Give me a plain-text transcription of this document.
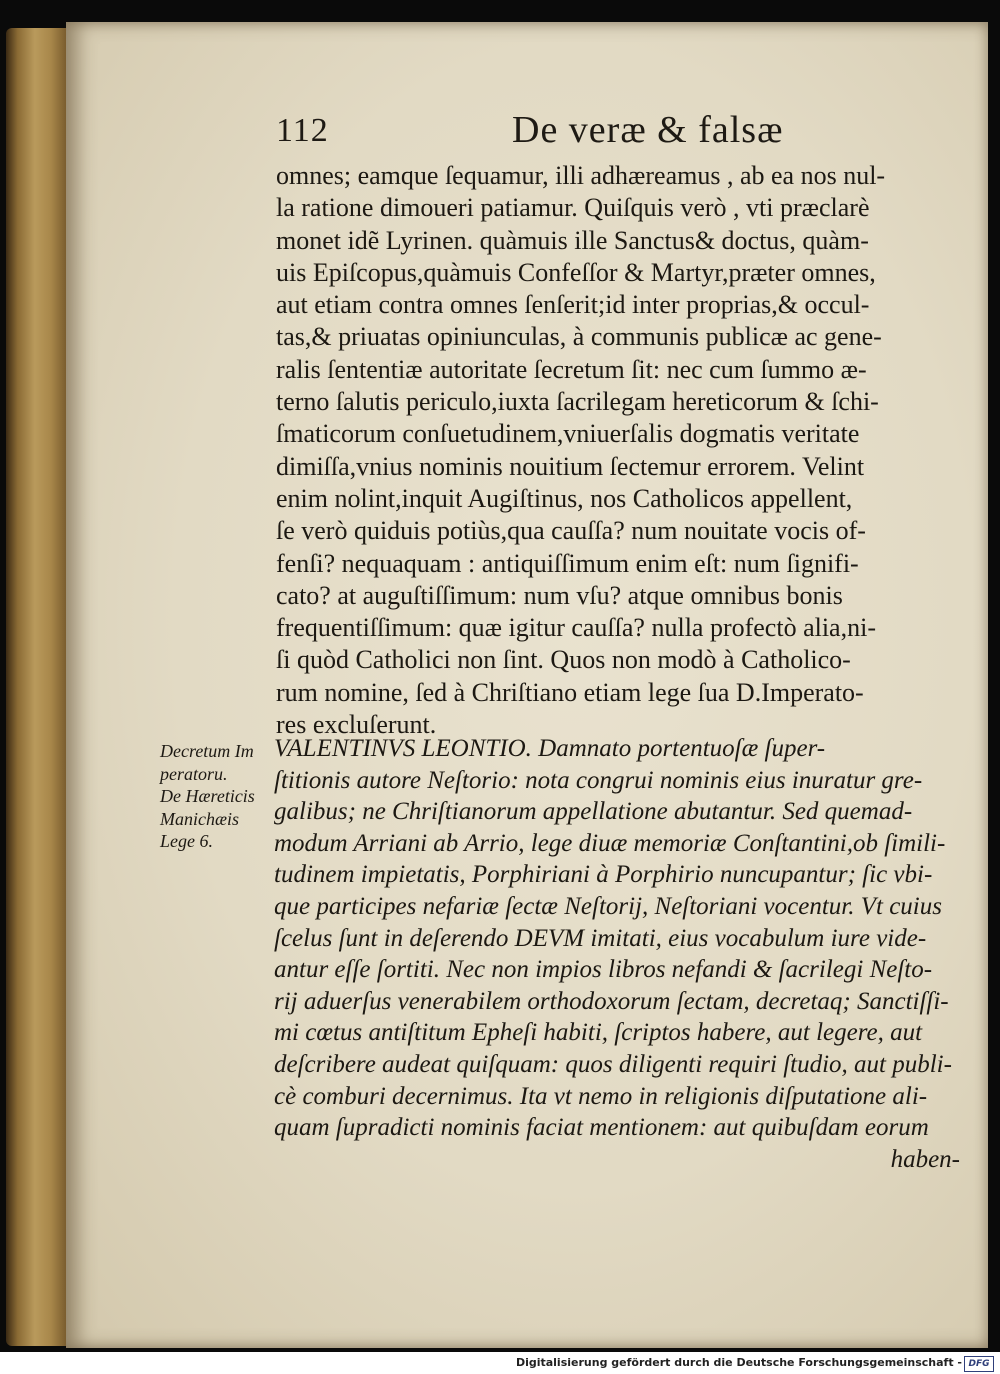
112	De veræ & falsæ
omnes; eamque ſequamur, illi adhæreamus , ab ea nos nul-
la ratione dimoueri patiamur. Quiſquis verò , vti præclarè
monet idẽ Lyrinen. quàmuis ille Sanctus& doctus, quàm-
uis Epiſcopus,quàmuis Confeſſor & Martyr,præter omnes,
aut etiam contra omnes ſenſerit;id inter proprias,& occul-
tas,& priuatas opiniunculas, à communis publicæ ac gene-
ralis ſententiæ autoritate ſecretum ſit: nec cum ſummo æ-
terno ſalutis periculo,iuxta ſacrilegam hereticorum & ſchi-
ſmaticorum conſuetudinem,vniuerſalis dogmatis veritate
dimiſſa,vnius nominis nouitium ſectemur errorem. Velint
enim nolint,inquit Augiſtinus, nos Catholicos appellent,
ſe verò quiduis potiùs,qua cauſſa? num nouitate vocis of-
fenſi? nequaquam : antiquiſſimum enim eſt: num ſignifi-
cato? at auguſtiſſimum: num vſu? atque omnibus bonis
frequentiſſimum: quæ igitur cauſſa? nulla profectò alia,ni-
ſi quòd Catholici non ſint. Quos non modò à Catholico-
rum nomine, ſed à Chriſtiano etiam lege ſua D.Imperato-
res excluſerunt.
Decretum Im
peratoru.
De Hæreticis
Manichæis
Lege 6.
VALENTINVS LEONTIO. Damnato portentuoſæ ſuper-
ſtitionis autore Neſtorio: nota congrui nominis eius inuratur gre-
galibus; ne Chriſtianorum appellatione abutantur. Sed quemad-
modum Arriani ab Arrio, lege diuæ memoriæ Conſtantini,ob ſimili-
tudinem impietatis, Porphiriani à Porphirio nuncupantur; ſic vbi-
que participes nefariæ ſectæ Neſtorij, Neſtoriani vocentur. Vt cuius
ſcelus ſunt in deſerendo DEVM imitati, eius vocabulum iure vide-
antur eſſe ſortiti. Nec non impios libros nefandi & ſacrilegi Neſto-
rij aduerſus venerabilem orthodoxorum ſectam, decretaq; Sanctiſſi-
mi cœtus antiſtitum Epheſi habiti, ſcriptos habere, aut legere, aut
deſcribere audeat quiſquam: quos diligenti requiri ſtudio, aut publi-
cè comburi decernimus. Ita vt nemo in religionis diſputatione ali-
quam ſupradicti nominis faciat mentionem: aut quibuſdam eorum
haben-
Digitalisierung gefördert durch die Deutsche Forschungsgemeinschaft - DFG
